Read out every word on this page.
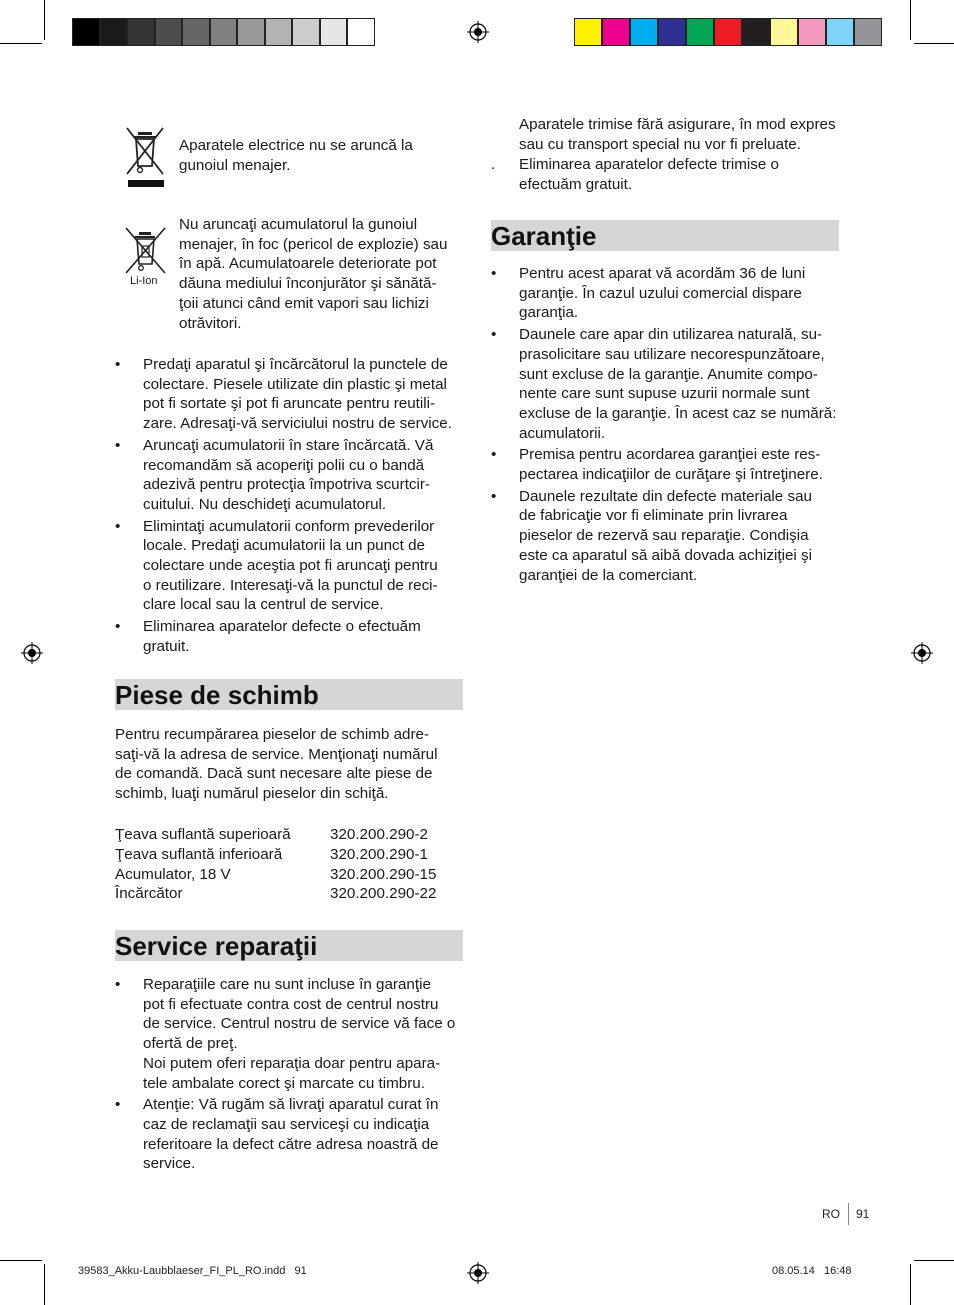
Aparatele electrice nu se aruncă la
gunoiul menajer.
Li-Ion
Nu aruncaţi acumulatorul la gunoiul
menajer, în foc (pericol de explozie) sau
în apă. Acumulatoarele deteriorate pot
dăuna mediului înconjurător şi sănătă-
ţoii atunci când emit vapori sau lichizi
otrăvitori.
• Predaţi aparatul şi încărcătorul la punctele de
colectare. Piesele utilizate din plastic şi metal
pot fi sortate şi pot fi aruncate pentru reutili-
zare. Adresaţi-vă serviciului nostru de service.
• Aruncaţi acumulatorii în stare încărcată. Vă
recomandăm să acoperiţi polii cu o bandă
adezivă pentru protecţia împotriva scurtcir-
cuitului. Nu deschideţi acumulatorul.
• Elimintaţi acumulatorii conform prevederilor
locale. Predaţi acumulatorii la un punct de
colectare unde aceştia pot fi aruncaţi pentru
o reutilizare. Interesaţi-vă la punctul de reci-
clare local sau la centrul de service.
• Eliminarea aparatelor defecte o efectuăm
gratuit.
Piese de schimb
Pentru recumpărarea pieselor de schimb adre-
saţi-vă la adresa de service. Menţionaţi numărul
de comandă. Dacă sunt necesare alte piese de
schimb, luaţi numărul pieselor din schiţă.
Ţeava suflantă superioară	320.200.290-2
Ţeava suflantă inferioară	320.200.290-1
Acumulator, 18 V	320.200.290-15
Încărcător	320.200.290-22
Service reparaţii
• Reparaţiile care nu sunt incluse în garanţie
pot fi efectuate contra cost de centrul nostru
de service. Centrul nostru de service vă face o
ofertă de preţ.
Noi putem oferi reparaţia doar pentru apara-
tele ambalate corect şi marcate cu timbru.
• Atenţie: Vă rugăm să livraţi aparatul curat în
caz de reclamaţii sau serviceşi cu indicaţia
referitoare la defect către adresa noastră de
service.
Aparatele trimise fără asigurare, în mod expres
sau cu transport special nu vor fi preluate.
. Eliminarea aparatelor defecte trimise o
efectuăm gratuit.
Garanţie
• Pentru acest aparat vă acordăm 36 de luni
garanţie. În cazul uzului comercial dispare
garanţia.
• Daunele care apar din utilizarea naturală, su-
prasolicitare sau utilizare necorespunzătoare,
sunt excluse de la garanţie. Anumite compo-
nente care sunt supuse uzurii normale sunt
excluse de la garanţie. În acest caz se numără:
acumulatorii.
• Premisa pentru acordarea garanţiei este res-
pectarea indicaţiilor de curăţare şi întreţinere.
• Daunele rezultate din defecte materiale sau
de fabricaţie vor fi eliminate prin livrarea
pieselor de rezervă sau reparaţie. Condişia
este ca aparatul să aibă dovada achiziţiei şi
garanţiei de la comerciant.
RO 91
39583_Akku-Laubblaeser_FI_PL_RO.indd   91	08.05.14   16:48
